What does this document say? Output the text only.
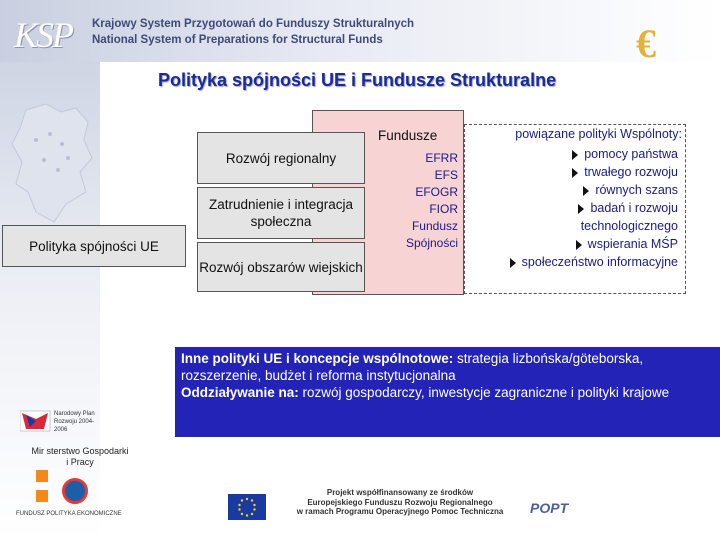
KSP	Krajowy System Przygotowań do Funduszy Strukturalnych
National System of Preparations for Structural Funds	€
Polityka spójności UE i Fundusze Strukturalne
Rozwój regionalny
Zatrudnienie i integracja społeczna
Rozwój obszarów wiejskich
Polityka spójności UE
Fundusze
EFRR
EFS
EFOGR
FIOR
Fundusz
Spójności
powiązane polityki Wspólnoty:
pomocy państwa
trwałego rozwoju
równych szans
badań i rozwoju
technologicznego
wspierania MŚP
społeczeństwo informacyjne
Inne polityki UE i koncepcje wspólnotowe: strategia lizbońska/göteborska, rozszerzenie, budżet i reforma instytucjonalna
Oddziaływanie na: rozwój gospodarczy, inwestycje zagraniczne i polityki krajowe
Narodowy Plan Rozwoju 2004-2006
Mir sterstwo Gospodarki i Pracy
FUNDUSZ POLITYKA EKONOMICZNE
Projekt współfinansowany ze środków
Europejskiego Funduszu Rozwoju Regionalnego
w ramach Programu Operacyjnego Pomoc Techniczna	POPT
